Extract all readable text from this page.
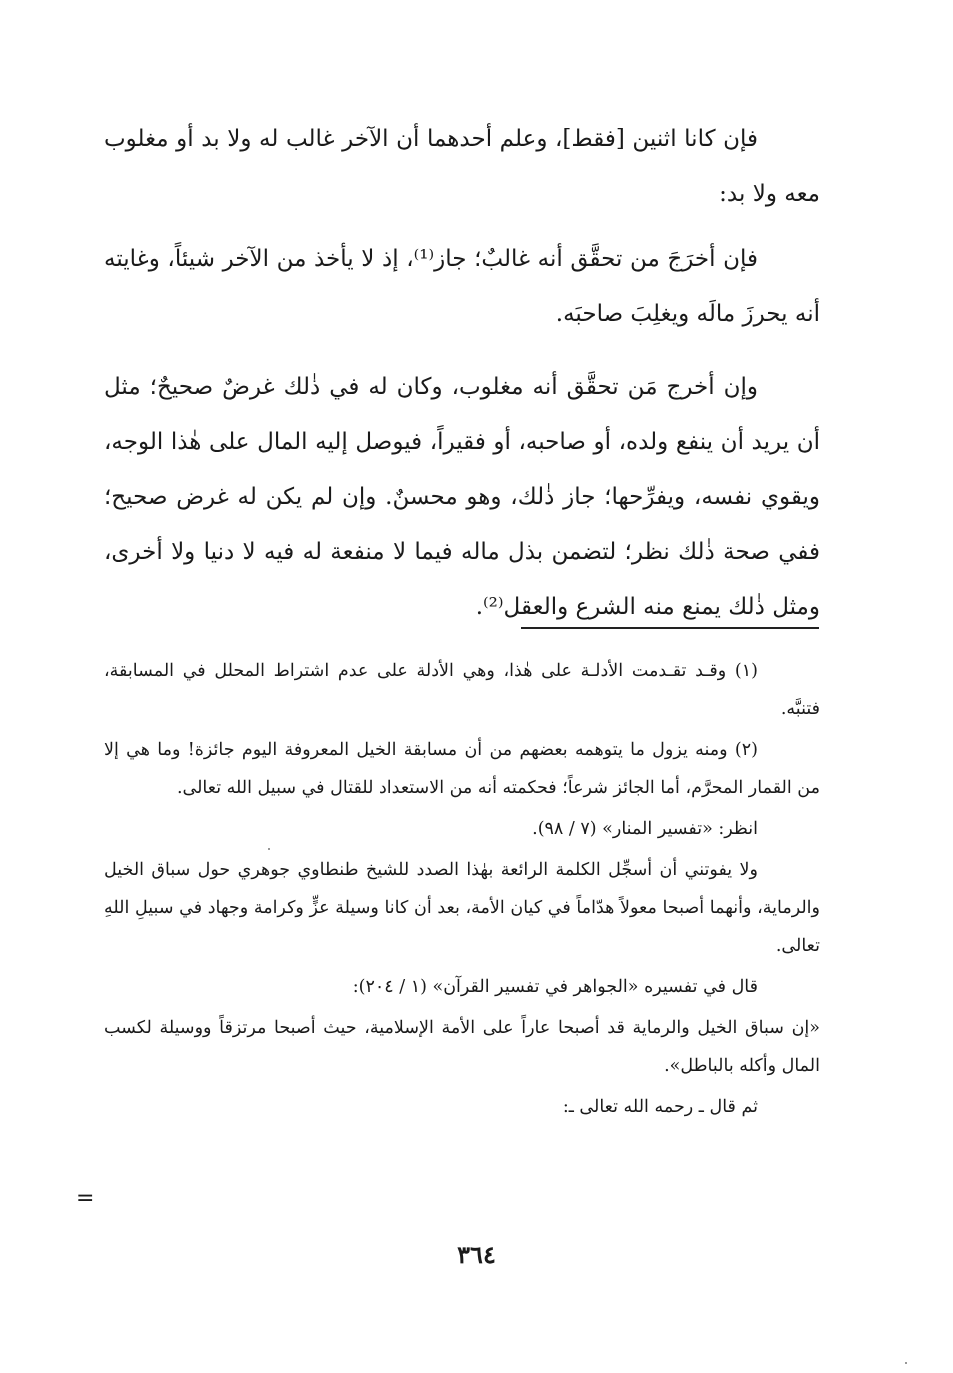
فإن كانا اثنين [فقط]، وعلم أحدهما أن الآخر غالب له ولا بد أو مغلوب معه ولا بد:

فإن أخرَجَ من تحقَّق أنه غالبٌ؛ جاز⁽¹⁾، إذ لا يأخذ من الآخر شيئاً، وغايته أنه يحرزَ مالَه ويغلِبَ صاحبَه.

وإن أخرج مَن تحقَّق أنه مغلوب، وكان له في ذٰلك غرضٌ صحيحٌ؛ مثل أن يريد أن ينفع ولده، أو صاحبه، أو فقيراً، فيوصل إليه المال على هٰذا الوجه، ويقوي نفسه، ويفرِّحها؛ جاز ذٰلك، وهو محسنٌ. وإن لم يكن له غرض صحيح؛ ففي صحة ذٰلك نظر؛ لتضمن بذل ماله فيما لا منفعة له فيه لا دنيا ولا أخرى، ومثل ذٰلك يمنع منه الشرع والعقل⁽²⁾.

(١) وقـد تقـدمت الأدلـة على هٰذا، وهي الأدلة على عدم اشتراط المحلل في المسابقة، فتنبَّه.

(٢) ومنه يزول ما يتوهمه بعضهم من أن مسابقة الخيل المعروفة اليوم جائزة! وما هي إلا من القمار المحرَّم، أما الجائز شرعاً؛ فحكمته أنه من الاستعداد للقتال في سبيل الله تعالى.

انظر: «تفسير المنار» (٧ / ٩٨).

ولا يفوتني أن أسجِّل الكلمة الرائعة بهٰذا الصدد للشيخ طنطاوي جوهري حول سباق الخيل والرماية، وأنهما أصبحا معولاً هدّاماً في كيان الأمة، بعد أن كانا وسيلة عزٍّ وكرامة وجهاد في سبيلِ اللهِ تعالى.

قال في تفسيره «الجواهر في تفسير القرآن» (١ / ٢٠٤):

«إن سباق الخيل والرماية قد أصبحا عاراً على الأمة الإسلامية، حيث أصبحا مرتزقاً ووسيلة لكسب المال وأكله بالباطل».

ثم قال ـ رحمه الله تعالى ـ:

=
٣٦٤
